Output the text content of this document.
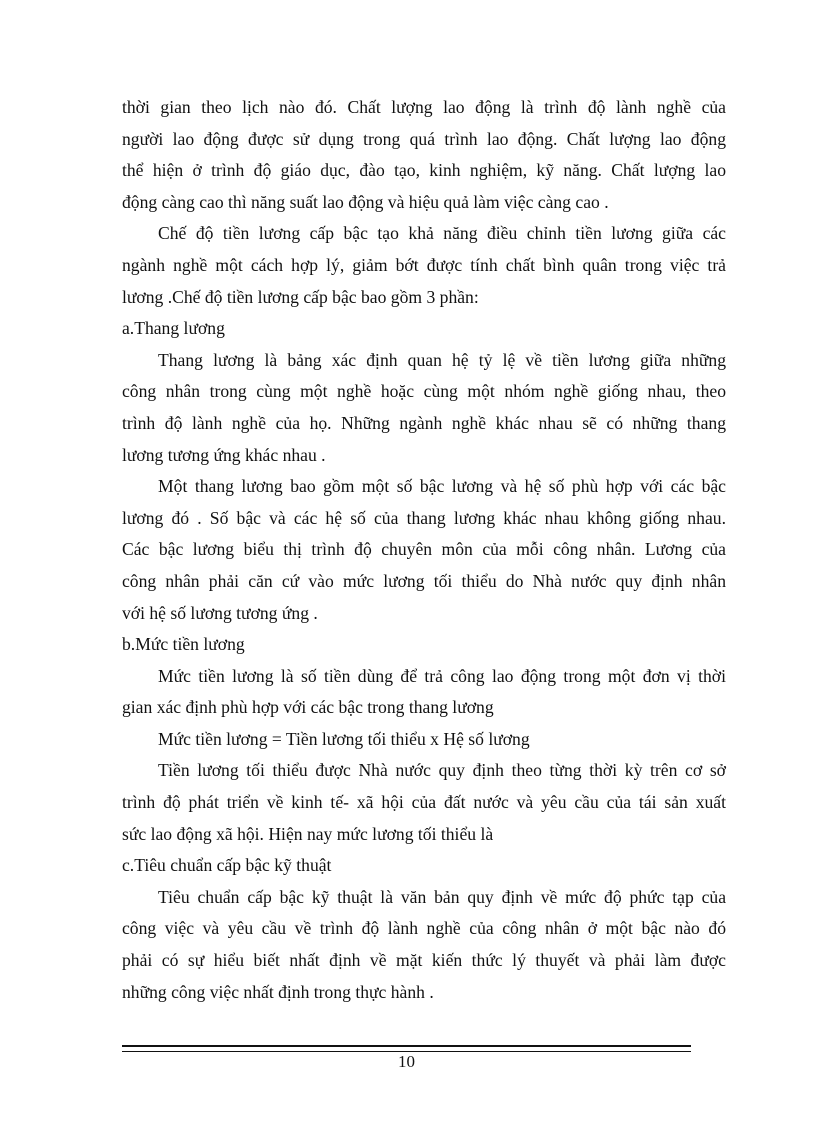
thời gian theo lịch nào đó. Chất lượng lao động là trình độ lành nghề của
người lao động được sử dụng trong quá trình lao động. Chất lượng lao động
thể hiện ở trình độ giáo dục, đào tạo, kinh nghiệm, kỹ năng. Chất lượng lao
động càng cao thì năng suất lao động và hiệu quả làm việc càng cao .
Chế độ tiền lương cấp bậc tạo khả năng điều chỉnh tiền lương giữa các
ngành nghề một cách hợp lý, giảm bớt được tính chất bình quân trong việc trả
lương .Chế độ tiền lương cấp bậc bao gồm 3 phần:
a.Thang lương
Thang lương là bảng xác định quan hệ tỷ lệ về tiền lương giữa những
công nhân trong cùng một nghề hoặc cùng một nhóm nghề giống nhau, theo
trình độ lành nghề của họ. Những ngành nghề khác nhau sẽ có những thang
lương tương ứng khác nhau .
Một thang lương bao gồm một số bậc lương và hệ số phù hợp với các bậc
lương đó . Số bậc và các hệ số của thang lương khác nhau không giống nhau.
Các bậc lương biểu thị trình độ chuyên môn của mỗi công nhân. Lương của
công nhân phải căn cứ vào mức lương tối thiểu do Nhà nước quy định nhân
với hệ số lương tương ứng .
b.Mức tiền lương
Mức tiền lương là số tiền dùng để trả công lao động trong một đơn vị thời
gian xác định phù hợp với các bậc trong thang lương
Mức tiền lương = Tiền lương tối thiểu x Hệ số lương
Tiền lương tối thiểu được Nhà nước quy định theo từng thời kỳ trên cơ sở
trình độ phát triển về kinh tế- xã hội của đất nước và yêu cầu của tái sản xuất
sức lao động xã hội. Hiện nay mức lương tối thiểu là
c.Tiêu chuẩn cấp bậc kỹ thuật
Tiêu chuẩn cấp bậc kỹ thuật là văn bản quy định về mức độ phức tạp của
công việc và yêu cầu về trình độ lành nghề của công nhân ở một bậc nào đó
phải có sự hiểu biết nhất định về mặt kiến thức lý thuyết và phải làm được
những công việc nhất định trong thực hành .
10
